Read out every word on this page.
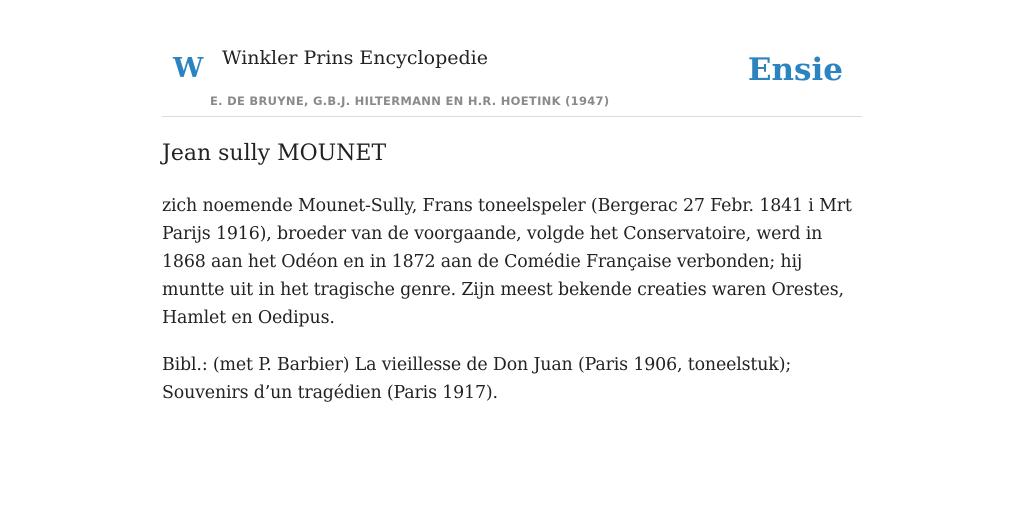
W Winkler Prins Encyclopedie
E. DE BRUYNE, G.B.J. HILTERMANN EN H.R. HOETINK (1947)
Ensie
Jean sully MOUNET

zich noemende Mounet-Sully, Frans toneelspeler (Bergerac 27 Febr. 1841 i Mrt Parijs 1916), broeder van de voorgaande, volgde het Conservatoire, werd in 1868 aan het Odéon en in 1872 aan de Comédie Française verbonden; hij muntte uit in het tragische genre. Zijn meest bekende creaties waren Orestes, Hamlet en Oedipus.

Bibl.: (met P. Barbier) La vieillesse de Don Juan (Paris 1906, toneelstuk); Souvenirs d’un tragédien (Paris 1917).
